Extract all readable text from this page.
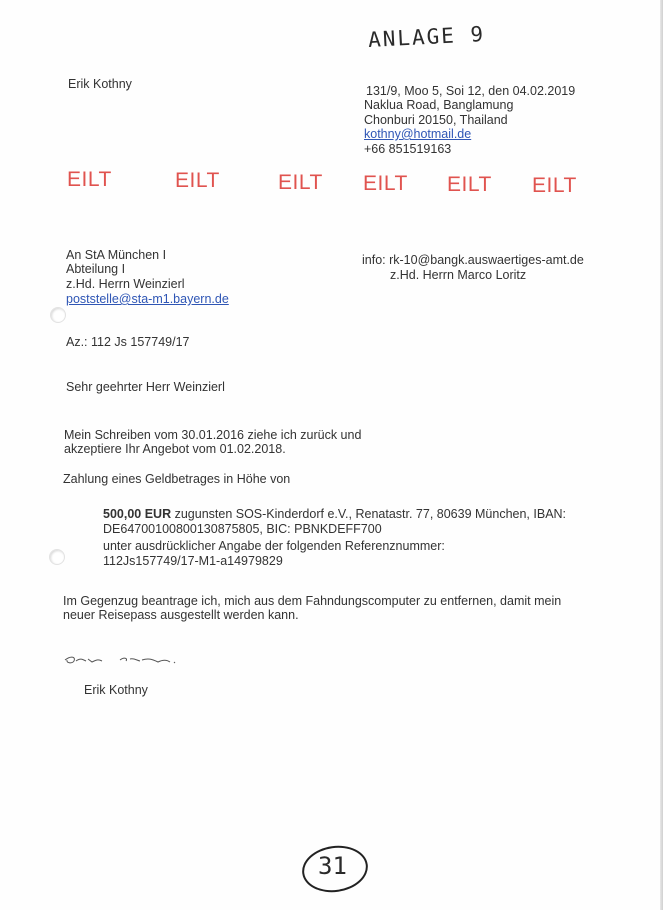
ANLAGE 9
Erik Kothny	131/9, Moo 5, Soi 12, den 04.02.2019
Naklua Road, Banglamung
Chonburi 20150, Thailand
kothny@hotmail.de
+66 851519163
EILT	EILT	EILT EILT EILT EILT
An StA München I
Abteilung I
z.Hd. Herrn Weinzierl
poststelle@sta-m1.bayern.de
info: rk-10@bangk.auswaertiges-amt.de
z.Hd. Herrn Marco Loritz
Az.: 112 Js 157749/17
Sehr geehrter Herr Weinzierl
Mein Schreiben vom 30.01.2016 ziehe ich zurück und
akzeptiere Ihr Angebot vom 01.02.2018.
Zahlung eines Geldbetrages in Höhe von
500,00 EUR zugunsten SOS-Kinderdorf e.V., Renatastr. 77, 80639 München, IBAN:
DE64700100800130875805, BIC: PBNKDEFF700
unter ausdrücklicher Angabe der folgenden Referenznummer:
112Js157749/17-M1-a14979829
Im Gegenzug beantrage ich, mich aus dem Fahndungscomputer zu entfernen, damit mein
neuer Reisepass ausgestellt werden kann.
Erik Kothny
31
